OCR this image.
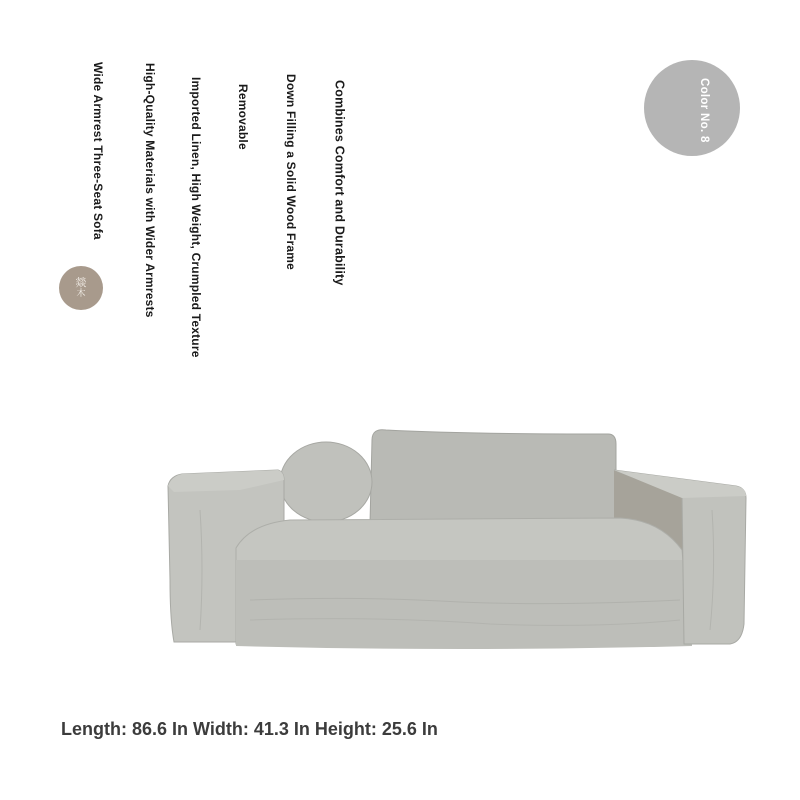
Combines Comfort and Durability
Down Filling a Solid Wood Frame
Removable
Imported Linen, High Weight, Crumpled Texture
High-Quality Materials with Wider Armrests
Wide Armrest Three-Seat Sofa
燚
木
Color No. 8
Length: 86.6 In Width: 41.3 In Height: 25.6 In
